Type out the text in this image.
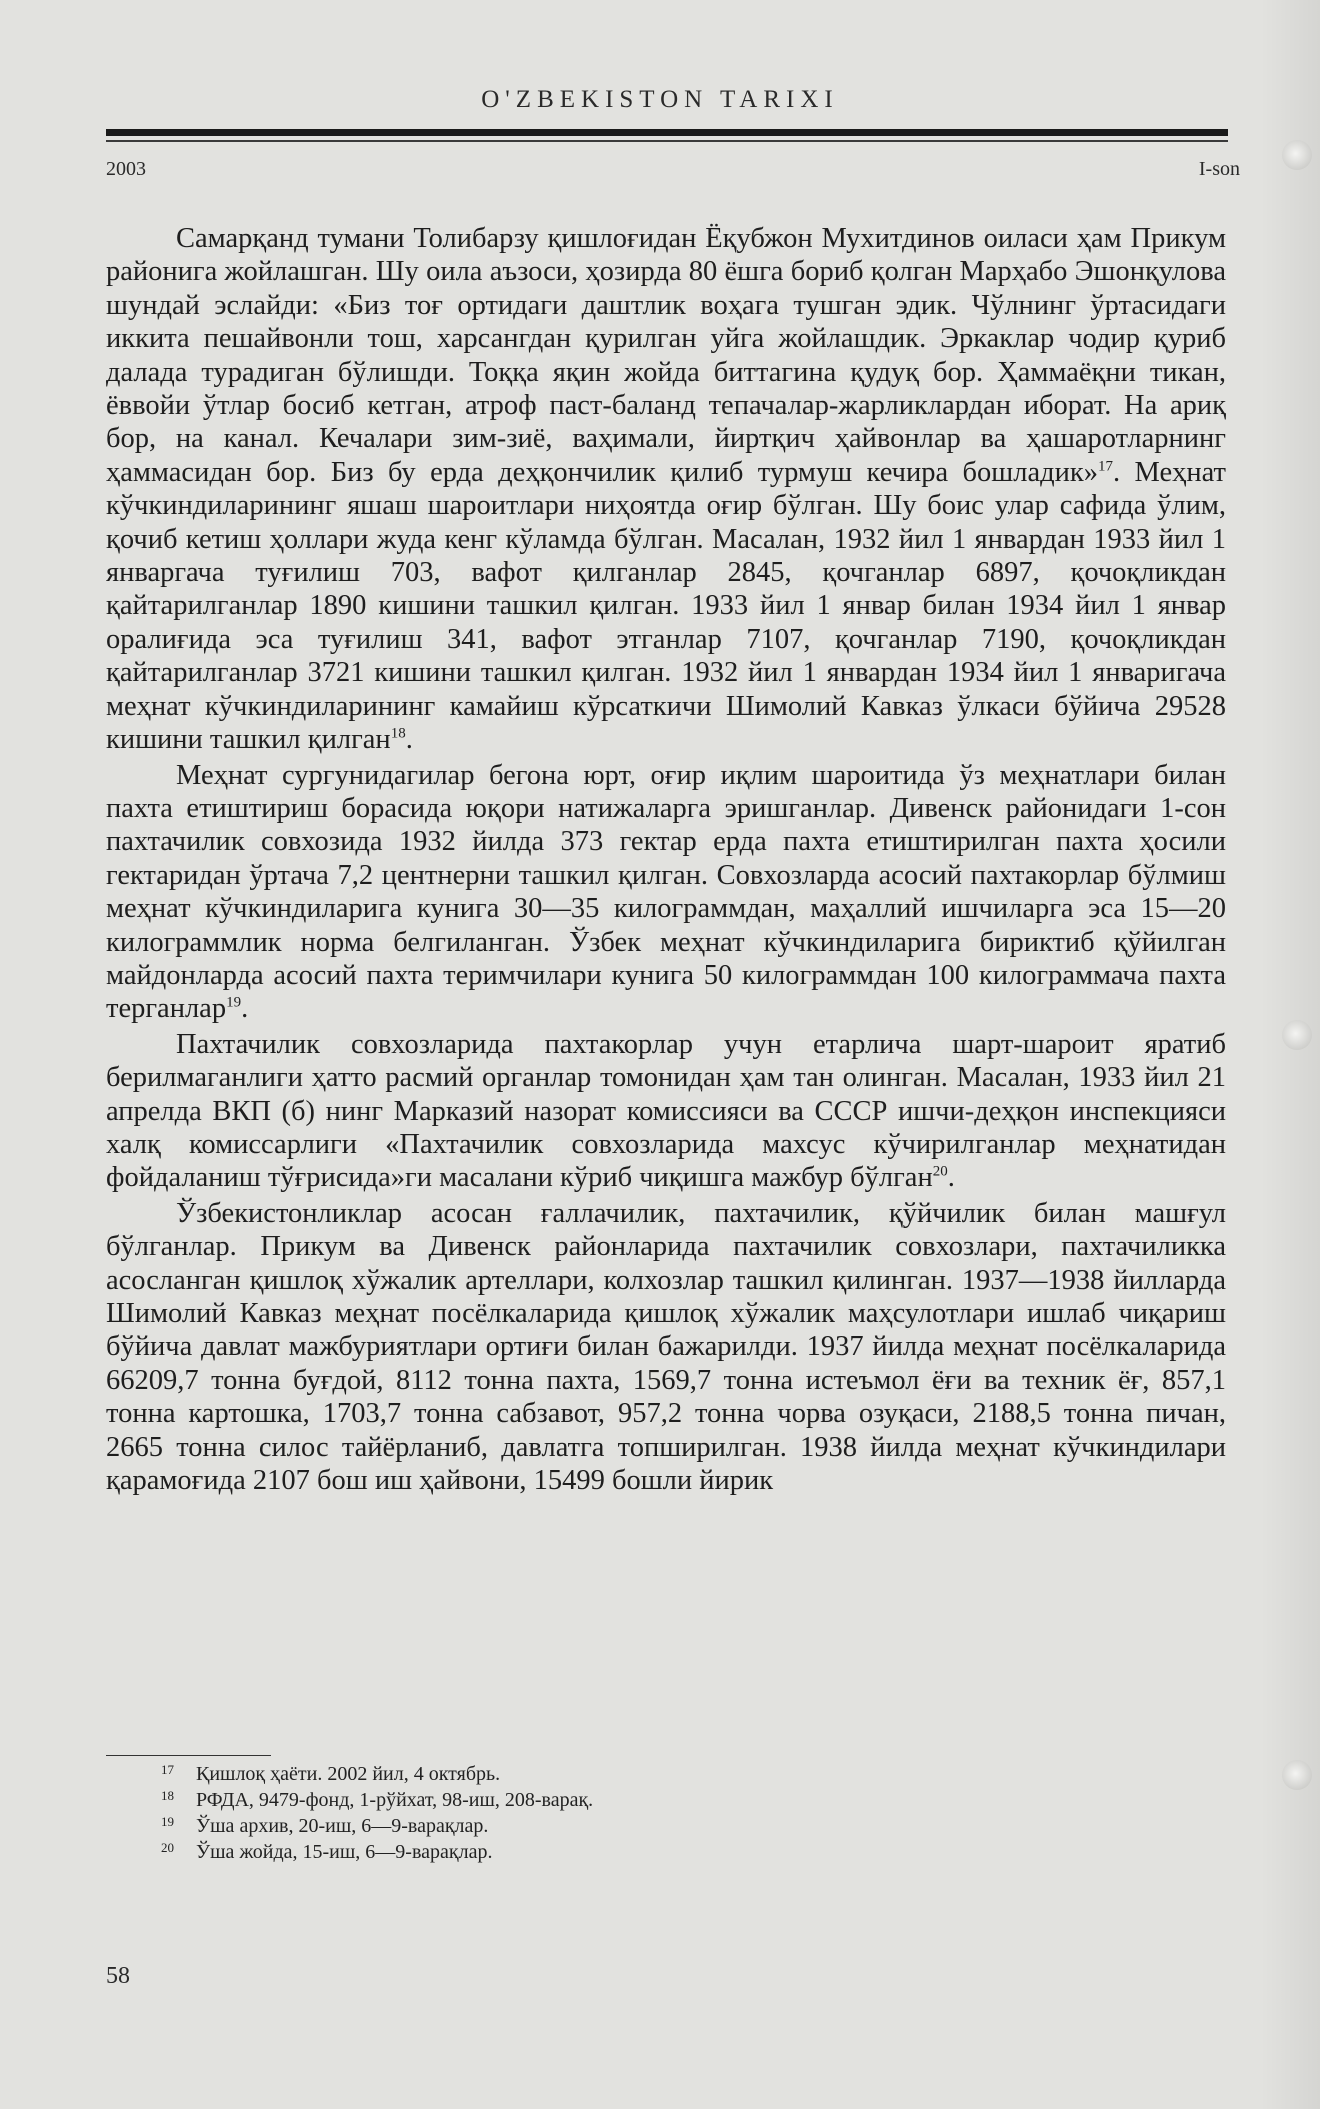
O'ZBEKISTON TARIXI
2003	I-son

Самарқанд тумани Толибарзу қишлоғидан Ёқубжон Мухитдинов оиласи ҳам Прикум районига жойлашган. Шу оила аъзоси, ҳозирда 80 ёшга бориб қолган Марҳабо Эшонқулова шундай эслайди: «Биз тоғ ортидаги даштлик воҳага тушган эдик. Чўлнинг ўртасидаги иккита пешайвонли тош, харсангдан қурилган уйга жойлашдик. Эркаклар чодир қуриб далада турадиган бўлишди. Тоққа яқин жойда биттагина қудуқ бор. Ҳаммаёқни тикан, ёввойи ўтлар босиб кетган, атроф паст-баланд тепачалар-жарликлардан иборат. На ариқ бор, на канал. Кечалари зим-зиё, ваҳимали, йиртқич ҳайвонлар ва ҳашаротларнинг ҳаммасидан бор. Биз бу ерда деҳқончилик қилиб турмуш кечира бошладик»$^{17}$. Меҳнат кўчкиндиларининг яшаш шароитлари ниҳоятда оғир бўлган. Шу боис улар сафида ўлим, қочиб кетиш ҳоллари жуда кенг кўламда бўлган. Масалан, 1932 йил 1 январдан 1933 йил 1 январгача туғилиш 703, вафот қилганлар 2845, қочганлар 6897, қочоқликдан қайтарилганлар 1890 кишини ташкил қилган. 1933 йил 1 январ билан 1934 йил 1 январ оралиғида эса туғилиш 341, вафот этганлар 7107, қочганлар 7190, қочоқликдан қайтарилганлар 3721 кишини ташкил қилган. 1932 йил 1 январдан 1934 йил 1 январигача меҳнат кўчкиндиларининг камайиш кўрсаткичи Шимолий Кавказ ўлкаси бўйича 29528 кишини ташкил қилган$^{18}$.

Меҳнат сургунидагилар бегона юрт, оғир иқлим шароитида ўз меҳнатлари билан пахта етиштириш борасида юқори натижаларга эришганлар. Дивенск районидаги 1-сон пахтачилик совхозида 1932 йилда 373 гектар ерда пахта етиштирилган пахта ҳосили гектаридан ўртача 7,2 центнерни ташкил қилган. Совхозларда асосий пахтакорлар бўлмиш меҳнат кўчкиндиларига кунига 30—35 килограммдан, маҳаллий ишчиларга эса 15—20 килограммлик норма белгиланган. Ўзбек меҳнат кўчкиндиларига бириктиб қўйилган майдонларда асосий пахта теримчилари кунига 50 килограммдан 100 килограммача пахта терганлар$^{19}$.

Пахтачилик совхозларида пахтакорлар учун етарлича шарт-шароит яратиб берилмаганлиги ҳатто расмий органлар томонидан ҳам тан олинган. Масалан, 1933 йил 21 апрелда ВКП (б) нинг Марказий назорат комиссияси ва СССР ишчи-деҳқон инспекцияси халқ комиссарлиги «Пахтачилик совхозларида махсус кўчирилганлар меҳнатидан фойдаланиш тўғрисида»ги масалани кўриб чиқишга мажбур бўлган$^{20}$.

Ўзбекистонликлар асосан ғаллачилик, пахтачилик, қўйчилик билан машғул бўлганлар. Прикум ва Дивенск районларида пахтачилик совхозлари, пахтачиликка асосланган қишлоқ хўжалик артеллари, колхозлар ташкил қилинган. 1937—1938 йилларда Шимолий Кавказ меҳнат посёлкаларида қишлоқ хўжалик маҳсулотлари ишлаб чиқариш бўйича давлат мажбуриятлари ортиғи билан бажарилди. 1937 йилда меҳнат посёлкаларида 66209,7 тонна буғдой, 8112 тонна пахта, 1569,7 тонна истеъмол ёғи ва техник ёғ, 857,1 тонна картошка, 1703,7 тонна сабзавот, 957,2 тонна чорва озуқаси, 2188,5 тонна пичан, 2665 тонна силос тайёрланиб, давлатга топширилган. 1938 йилда меҳнат кўчкиндилари қарамоғида 2107 бош иш ҳайвони, 15499 бошли йирик

17 Қишлоқ ҳаёти. 2002 йил, 4 октябрь.
18 РФДА, 9479-фонд, 1-рўйхат, 98-иш, 208-варақ.
19 Ўша архив, 20-иш, 6—9-варақлар.
20 Ўша жойда, 15-иш, 6—9-варақлар.
58
